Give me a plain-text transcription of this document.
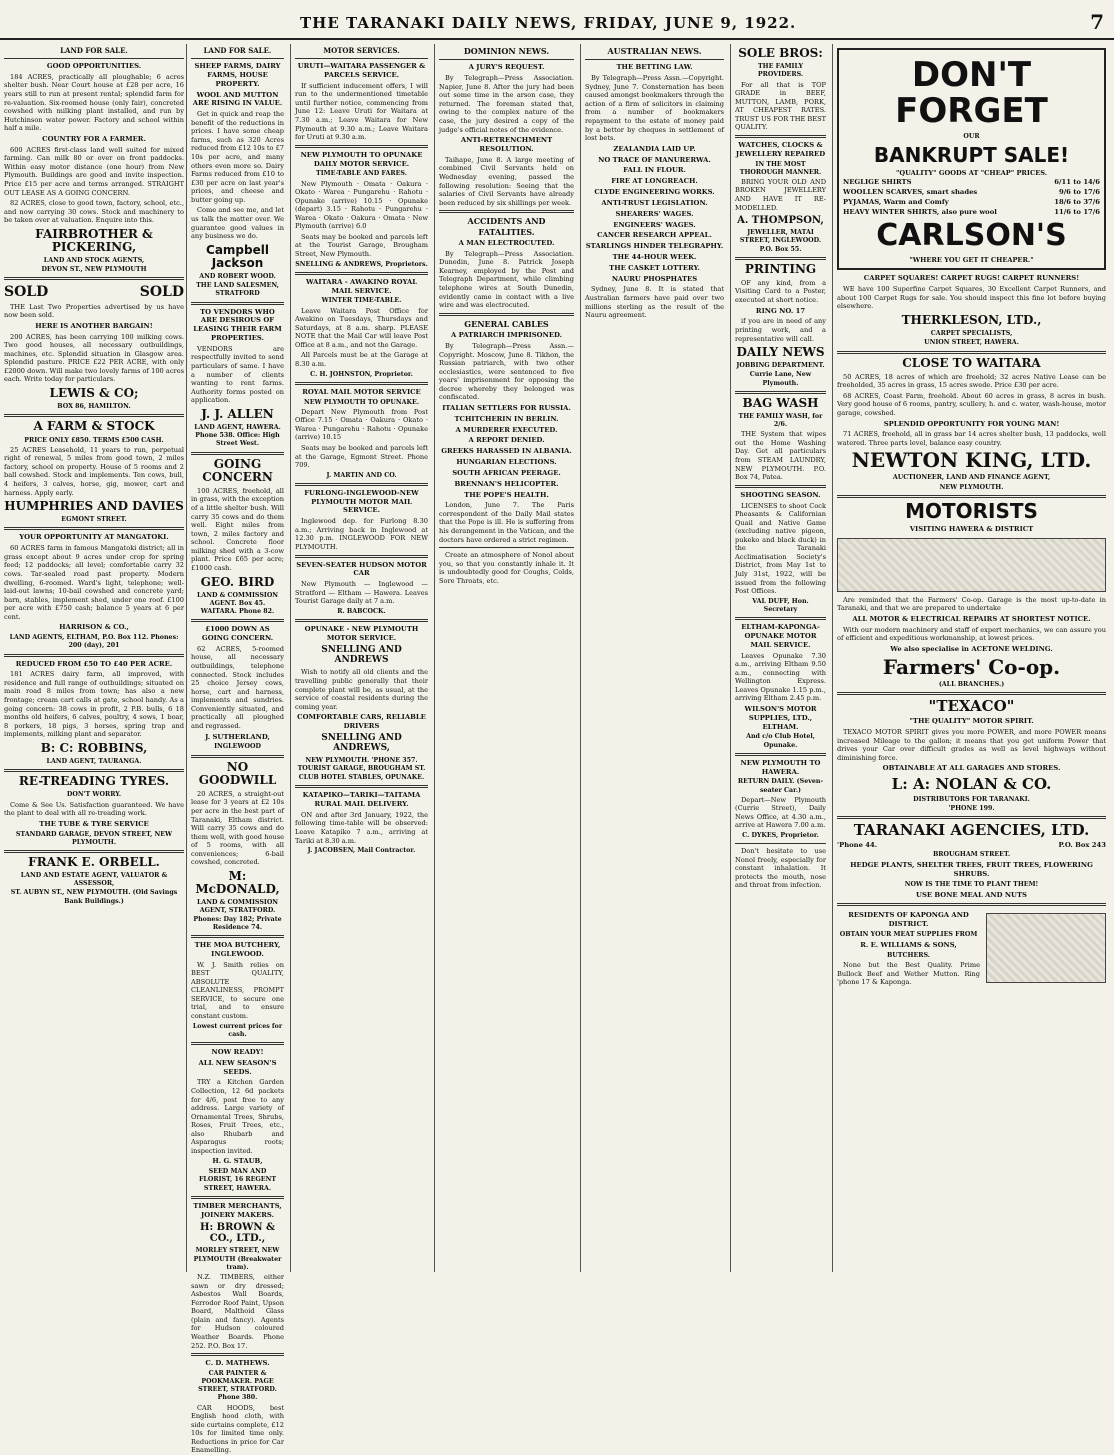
THE TARANAKI DAILY NEWS, FRIDAY, JUNE 9, 1922.	7
LAND FOR SALE.
GOOD OPPORTUNITIES.
184 ACRES, practically all ploughable; 6 acres shelter bush. Near Court house at £28 per acre, 16 years still to run at present rental; splendid farm for re-valuation. Six-roomed house (only fair), concreted cowshed with milking plant installed, and run by Hutchinson water power. Factory and school within half a mile.
COUNTRY FOR A FARMER.
600 ACRES first-class land well suited for mixed farming. Can milk 80 or over on front paddocks. Within easy motor distance (one hour) from New Plymouth. Buildings are good and invite inspection. Price £15 per acre and terms arranged. STRAIGHT OUT LEASE AS A GOING CONCERN.
82 ACRES, close to good town, factory, school, etc., and now carrying 30 cows. Stock and machinery to be taken over at valuation. Enquire into this.
FAIRBROTHER & PICKERING,
LAND AND STOCK AGENTS,
DEVON ST., NEW PLYMOUTH
SOLD	SOLD
THE Last Two Properties advertised by us have now been sold.
HERE IS ANOTHER BARGAIN!
200 ACRES, has been carrying 100 milking cows. Two good houses, all necessary outbuildings, machines, etc. Splendid situation in Glasgow area. Splendid pasture. PRICE £22 PER ACRE, with only £2000 down. Will make two lovely farms of 100 acres each. Write today for particulars.
LEWIS & CO;
BOX 86, HAMILTON.
A FARM & STOCK
PRICE ONLY £850. TERMS £500 CASH.
25 ACRES Leasehold, 11 years to run, perpetual right of renewal, 5 miles from good town, 2 miles factory, school on property. House of 5 rooms and 2 ball cowshed. Stock and implements. Ten cows, bull, 4 heifers, 3 calves, horse, gig, mower, cart and harness. Apply early.
HUMPHRIES AND DAVIES
EGMONT STREET.
YOUR OPPORTUNITY AT MANGATOKI.
60 ACRES farm in famous Mangatoki district; all in grass except about 9 acres under crop for spring feed; 12 paddocks; all level; comfortable carry 32 cows. Tar-sealed road past property. Modern dwelling, 6-roomed. Ward's light, telephone; well-laid-out lawns; 10-bail cowshed and concrete yard; barn, stables, implement shed, under one roof. £100 per acre with £750 cash; balance 5 years at 6 per cent.
HARRISON & CO.,
LAND AGENTS, ELTHAM, P.O. Box 112. Phones: 200 (day), 201
REDUCED FROM £50 TO £40 PER ACRE.
181 ACRES dairy farm, all improved, with residence and full range of outbuildings; situated on main road 8 miles from town; has also a new frontage; cream cart calls at gate, school handy. As a going concern: 38 cows in profit, 2 P.B. bulls, 6 18 months old heifers, 6 calves, poultry, 4 sows, 1 boar, 8 porkers, 18 pigs, 3 horses, spring trap and implements, milking plant and separator.
B: C: ROBBINS,
LAND AGENT, TAURANGA.
RE-TREADING TYRES.
DON'T WORRY.
Come & See Us. Satisfaction guaranteed. We have the plant to deal with all re-treading work.
THE TUBE & TYRE SERVICE
STANDARD GARAGE, DEVON STREET, NEW PLYMOUTH.
FRANK E. ORBELL.
LAND AND ESTATE AGENT, VALUATOR & ASSESSOR,
ST. AUBYN ST., NEW PLYMOUTH. (Old Savings Bank Buildings.)
LAND FOR SALE.
SHEEP FARMS, DAIRY FARMS, HOUSE PROPERTY.
WOOL AND MUTTON ARE RISING IN VALUE.
Get in quick and reap the benefit of the reductions in prices. I have some cheap farms, such as 320 Acres reduced from £12 10s to £7 10s per acre, and many others even more so. Dairy Farms reduced from £10 to £30 per acre on last year's prices, and cheese and butter going up.
Come and see me, and let us talk the matter over. We guarantee good values in any business we do.
Campbell Jackson
AND ROBERT WOOD.
THE LAND SALESMEN, STRATFORD
TO VENDORS WHO ARE DESIROUS OF LEASING THEIR FARM PROPERTIES.
VENDORS are respectfully invited to send particulars of same. I have a number of clients wanting to rent farms. Authority forms posted on application.
J. J. ALLEN
LAND AGENT, HAWERA. Phone 538. Office: High Street West.
GOING CONCERN
100 ACRES, freehold, all in grass, with the exception of a little shelter bush. Will carry 35 cows and do them well. Eight miles from town, 2 miles factory and school. Concrete floor milking shed with a 3-cow plant. Price £65 per acre; £1000 cash.
GEO. BIRD
LAND & COMMISSION AGENT. Box 45. WAITARA. Phone 82.
£1000 DOWN AS GOING CONCERN.
62 ACRES, 5-roomed house, all necessary outbuildings, telephone connected. Stock includes 25 choice Jersey cows, horse, cart and harness, implements and sundries. Conveniently situated, and practically all ploughed and regrassed.
J. SUTHERLAND,
INGLEWOOD
NO GOODWILL
20 ACRES, a straight-out lease for 3 years at £2 10s per acre in the best part of Taranaki, Eltham district. Will carry 35 cows and do them well, with good house of 5 rooms, with all conveniences; 6-bail cowshed, concreted.
M: McDONALD,
LAND & COMMISSION AGENT, STRATFORD. Phones: Day 182; Private Residence 74.
THE MOA BUTCHERY, INGLEWOOD.
W. J. Smith relies on BEST QUALITY, ABSOLUTE CLEANLINESS, PROMPT SERVICE, to secure one trial, and to ensure constant custom.
Lowest current prices for cash.
NOW READY!
ALL NEW SEASON'S SEEDS.
TRY a Kitchen Garden Collection, 12 6d packets for 4/6, post free to any address. Large variety of Ornamental Trees, Shrubs, Roses, Fruit Trees, etc., also Rhubarb and Asparagus roots; inspection invited.
H. G. STAUB,
SEED MAN AND FLORIST, 16 REGENT STREET, HAWERA.
TIMBER MERCHANTS, JOINERY MAKERS.
H: BROWN & CO., LTD.,
MORLEY STREET, NEW PLYMOUTH (Breakwater tram).
N.Z. TIMBERS, either sawn or dry dressed; Asbestos Wall Boards, Ferrodor Roof Paint, Upson Board, Malthoid Glass (plain and fancy). Agents for Hudson coloured Weather Boards. Phone 252. P.O. Box 17.
C. D. MATHEWS.
CAR PAINTER & POOKMAKER. PAGE STREET, STRATFORD. Phone 380.
CAR HOODS, best English hood cloth, with side curtains complete, £12 10s for limited time only. Reductions in price for Car Enamelling.
MOTOR SERVICES.
URUTI—WAITARA PASSENGER & PARCELS SERVICE.
If sufficient inducement offers, I will run to the undermentioned timetable until further notice, commencing from June 12: Leave Uruti for Waitara at 7.30 a.m.; Leave Waitara for New Plymouth at 9.30 a.m.; Leave Waitara for Uruti at 9.30 a.m.
NEW PLYMOUTH TO OPUNAKE DAILY MOTOR SERVICE.
TIME-TABLE AND FARES.
New Plymouth · Omata · Oakura · Okato · Warea · Pungarehu · Rahotu · Opunake (arrive) 10.15 · Opunake (depart) 3.15 · Rahotu · Pungarehu · Warea · Okato · Oakura · Omata · New Plymouth (arrive) 6.0
Seats may be booked and parcels left at the Tourist Garage, Brougham Street, New Plymouth.
SNELLING & ANDREWS, Proprietors.
WAITARA - AWAKINO ROYAL MAIL SERVICE.
WINTER TIME-TABLE.
Leave Waitara Post Office for Awakino on Tuesdays, Thursdays and Saturdays, at 8 a.m. sharp. PLEASE NOTE that the Mail Car will leave Post Office at 8 a.m., and not the Garage.
All Parcels must be at the Garage at 8.30 a.m.
C. H. JOHNSTON, Proprietor.
ROYAL MAIL MOTOR SERVICE
NEW PLYMOUTH TO OPUNAKE.
Depart New Plymouth from Post Office 7.15 · Omata · Oakura · Okato · Warea · Pungarehu · Rahotu · Opunake (arrive) 10.15
Seats may be booked and parcels left at the Garage, Egmont Street. Phone 709.
J. MARTIN AND CO.
FURLONG-INGLEWOOD-NEW PLYMOUTH MOTOR MAIL SERVICE.
Inglewood dep. for Furlong 8.30 a.m.; Arriving back in Inglewood at 12.30 p.m. INGLEWOOD FOR NEW PLYMOUTH.
SEVEN-SEATER HUDSON MOTOR CAR
New Plymouth — Inglewood — Stratford — Eltham — Hawera. Leaves Tourist Garage daily at 7 a.m.
R. BABCOCK.
OPUNAKE - NEW PLYMOUTH MOTOR SERVICE.
SNELLING AND ANDREWS
Wish to notify all old clients and the travelling public generally that their complete plant will be, as usual, at the service of coastal residents during the coming year.
COMFORTABLE CARS, RELIABLE DRIVERS
SNELLING AND ANDREWS,
NEW PLYMOUTH. 'PHONE 357. TOURIST GARAGE, BROUGHAM ST.
CLUB HOTEL STABLES, OPUNAKE.
KATAPIKO—TARIKI—TAITAMA RURAL MAIL DELIVERY.
ON and after 3rd January, 1922, the following time-table will be observed: Leave Katapiko 7 a.m., arriving at Tariki at 8.30 a.m.
J. JACOBSEN, Mail Contractor.
DOMINION NEWS.
A JURY'S REQUEST.
By Telegraph—Press Association. Napier, June 8. After the jury had been out some time in the arson case, they returned. The foreman stated that, owing to the complex nature of the case, the jury desired a copy of the judge's official notes of the evidence.
ANTI-RETRENCHMENT RESOLUTION.
Taihape, June 8. A large meeting of combined Civil Servants held on Wednesday evening, passed the following resolution: Seeing that the salaries of Civil Servants have already been reduced by six shillings per week.
ACCIDENTS AND FATALITIES.
A MAN ELECTROCUTED.
By Telegraph—Press Association. Dunedin, June 8. Patrick Joseph Kearney, employed by the Post and Telegraph Department, while climbing telephone wires at South Dunedin, evidently came in contact with a live wire and was electrocuted.
GENERAL CABLES
A PATRIARCH IMPRISONED.
By Telegraph—Press Assn.—Copyright. Moscow, June 8. Tikhon, the Russian patriarch, with two other ecclesiastics, were sentenced to five years' imprisonment for opposing the decree whereby they belonged was confiscated.
ITALIAN SETTLERS FOR RUSSIA.
TCHITCHERIN IN BERLIN.
A MURDERER EXECUTED.
A REPORT DENIED.
GREEKS HARASSED IN ALBANIA.
HUNGARIAN ELECTIONS.
SOUTH AFRICAN PEERAGE.
BRENNAN'S HELICOPTER.
THE POPE'S HEALTH.
London, June 7. The Paris correspondent of the Daily Mail states that the Pope is ill. He is suffering from his derangement in the Vatican, and the doctors have ordered a strict regimen.
Create an atmosphere of Nonol about you, so that you constantly inhale it. It is undoubtedly good for Coughs, Colds, Sore Throats, etc.
AUSTRALIAN NEWS.
THE BETTING LAW.
By Telegraph—Press Assn.—Copyright. Sydney, June 7. Consternation has been caused amongst bookmakers through the action of a firm of solicitors in claiming from a number of bookmakers repayment to the estate of money paid by a bettor by cheques in settlement of lost bets.
ZEALANDIA LAID UP.
NO TRACE OF MANURERWA.
FALL IN FLOUR.
FIRE AT LONGREACH.
CLYDE ENGINEERING WORKS.
ANTI-TRUST LEGISLATION.
SHEARERS' WAGES.
ENGINEERS' WAGES.
CANCER RESEARCH APPEAL.
STARLINGS HINDER TELEGRAPHY.
THE 44-HOUR WEEK.
THE CASKET LOTTERY.
NAURU PHOSPHATES
Sydney, June 8. It is stated that Australian farmers have paid over two millions sterling as the result of the Nauru agreement.
SOLE BROS:
THE FAMILY PROVIDERS.
For all that is TOP GRADE in BEEF, MUTTON, LAMB, PORK, AT CHEAPEST RATES. TRUST US FOR THE BEST QUALITY.
WATCHES, CLOCKS & JEWELLERY REPAIRED
IN THE MOST THOROUGH MANNER.
BRING YOUR OLD AND BROKEN JEWELLERY AND HAVE IT RE-MODELLED.
A. THOMPSON,
JEWELLER, MATAI STREET, INGLEWOOD. P.O. Box 55.
PRINTING
OF any kind, from a Visiting Card to a Poster, executed at short notice.
RING NO. 17
if you are in need of any printing work, and a representative will call.
DAILY NEWS
JOBBING DEPARTMENT.
Currie Lane, New Plymouth.
BAG WASH
THE FAMILY WASH, for 2/6.
THE System that wipes out the Home Washing Day. Get all particulars from STEAM LAUNDRY, NEW PLYMOUTH. P.O. Box 74, Patea.
SHOOTING SEASON.
LICENSES to shoot Cock Pheasants & Californian Quail and Native Game (excluding native pigeon, pukeko and black duck) in the Taranaki Acclimatisation Society's District, from May 1st to July 31st, 1922, will be issued from the following Post Offices.
VAL DUFF, Hon. Secretary
ELTHAM-KAPONGA-OPUNAKE MOTOR MAIL SERVICE.
Leaves Opunake 7.30 a.m., arriving Eltham 9.50 a.m., connecting with Wellington Express. Leaves Opunake 1.15 p.m., arriving Eltham 2.45 p.m.
WILSON'S MOTOR SUPPLIES, LTD., ELTHAM.
And c/o Club Hotel, Opunake.
NEW PLYMOUTH TO HAWERA.
RETURN DAILY. (Seven-seater Car.)
Depart—New Plymouth (Currie Street), Daily News Office, at 4.30 a.m., arrive at Hawera 7.00 a.m.
C. DYKES, Proprietor.
Don't hesitate to use Nonol freely, especially for constant inhalation. It protects the mouth, nose and throat from infection.
DON'T FORGET
OUR
BANKRUPT SALE!
"QUALITY" GOODS AT "CHEAP" PRICES.
NEGLIGE SHIRTS	6/11 to 14/6
WOOLLEN SCARVES, smart shades	9/6 to 17/6
PYJAMAS, Warm and Comfy	18/6 to 37/6
HEAVY WINTER SHIRTS, also pure wool	11/6 to 17/6
CARLSON'S
"WHERE YOU GET IT CHEAPER."
CARPET SQUARES! CARPET RUGS! CARPET RUNNERS!
WE have 100 Superfine Carpet Squares, 30 Excellent Carpet Runners, and about 100 Carpet Rugs for sale. You should inspect this fine lot before buying elsewhere.
THERKLESON, LTD.,
CARPET SPECIALISTS,
UNION STREET, HAWERA.
CLOSE TO WAITARA
50 ACRES, 18 acres of which are freehold; 32 acres Native Lease can be freeholded, 35 acres in grass, 15 acres swede. Price £30 per acre.
68 ACRES, Coast Farm, freehold. About 60 acres in grass, 8 acres in bush. Very good house of 6 rooms, pantry, scullery, h. and c. water, wash-house, motor garage, cowshed.
SPLENDID OPPORTUNITY FOR YOUNG MAN!
71 ACRES, freehold, all in grass bar 14 acres shelter bush, 13 paddocks, well watered. Three parts level, balance easy country.
NEWTON KING, LTD.
AUCTIONEER, LAND AND FINANCE AGENT,
NEW PLYMOUTH.
MOTORISTS
VISITING HAWERA & DISTRICT
Are reminded that the Farmers' Co-op. Garage is the most up-to-date in Taranaki, and that we are prepared to undertake
ALL MOTOR & ELECTRICAL REPAIRS AT SHORTEST NOTICE.
With our modern machinery and staff of expert mechanics, we can assure you of efficient and expeditious workmanship, at lowest prices.
We also specialise in ACETONE WELDING.
Farmers' Co-op.
(ALL BRANCHES.)
"TEXACO"
"THE QUALITY" MOTOR SPIRIT.
TEXACO MOTOR SPIRIT gives you more POWER, and more POWER means increased Mileage to the gallon; it means that you get uniform Power that drives your Car over difficult grades as well as level highways without diminishing force.
OBTAINABLE AT ALL GARAGES AND STORES.
L: A: NOLAN & CO.
DISTRIBUTORS FOR TARANAKI.
'PHONE 199.
TARANAKI AGENCIES, LTD.
'Phone 44.	P.O. Box 243
BROUGHAM STREET.
HEDGE PLANTS, SHELTER TREES, FRUIT TREES, FLOWERING SHRUBS.
NOW IS THE TIME TO PLANT THEM!
USE BONE MEAL AND NUTS
RESIDENTS OF KAPONGA AND DISTRICT.
OBTAIN YOUR MEAT SUPPLIES FROM
R. E. WILLIAMS & SONS,
BUTCHERS.
None but the Best Quality. Prime Bullock Beef and Wether Mutton. Ring 'phone 17 & Kaponga.
